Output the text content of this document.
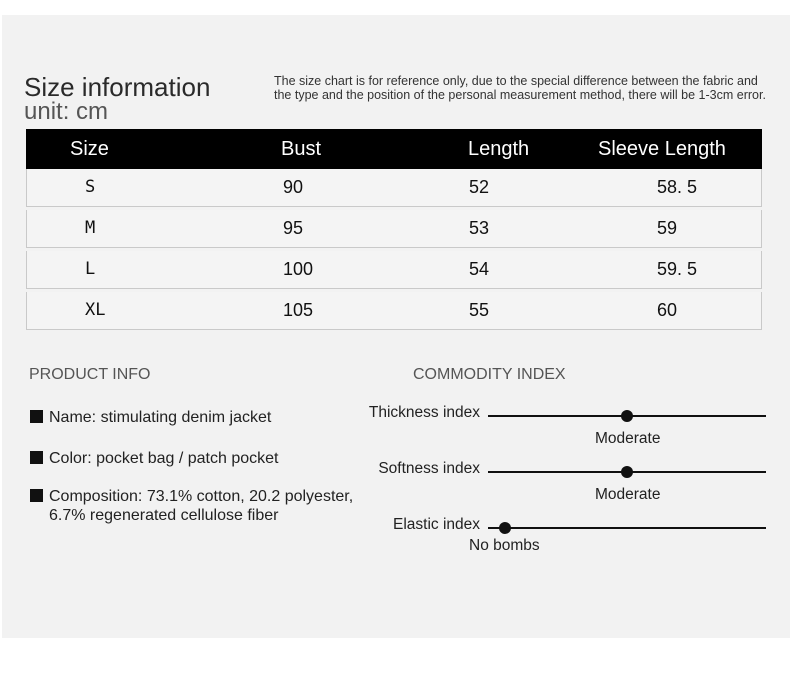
Size information
unit: cm
The size chart is for reference only, due to the special difference between the fabric and the type and the position of the personal measurement method, there will be 1-3cm error.
Size	Bust	Length	Sleeve Length
S	90	52	58. 5
M	95	53	59
L	100	54	59. 5
XL	105	55	60
PRODUCT INFO
Name: stimulating denim jacket
Color: pocket bag / patch pocket
Composition: 73.1% cotton, 20.2 polyester, 6.7% regenerated cellulose fiber
COMMODITY INDEX
Thickness index
Moderate
Softness index
Moderate
Elastic index
No bombs
